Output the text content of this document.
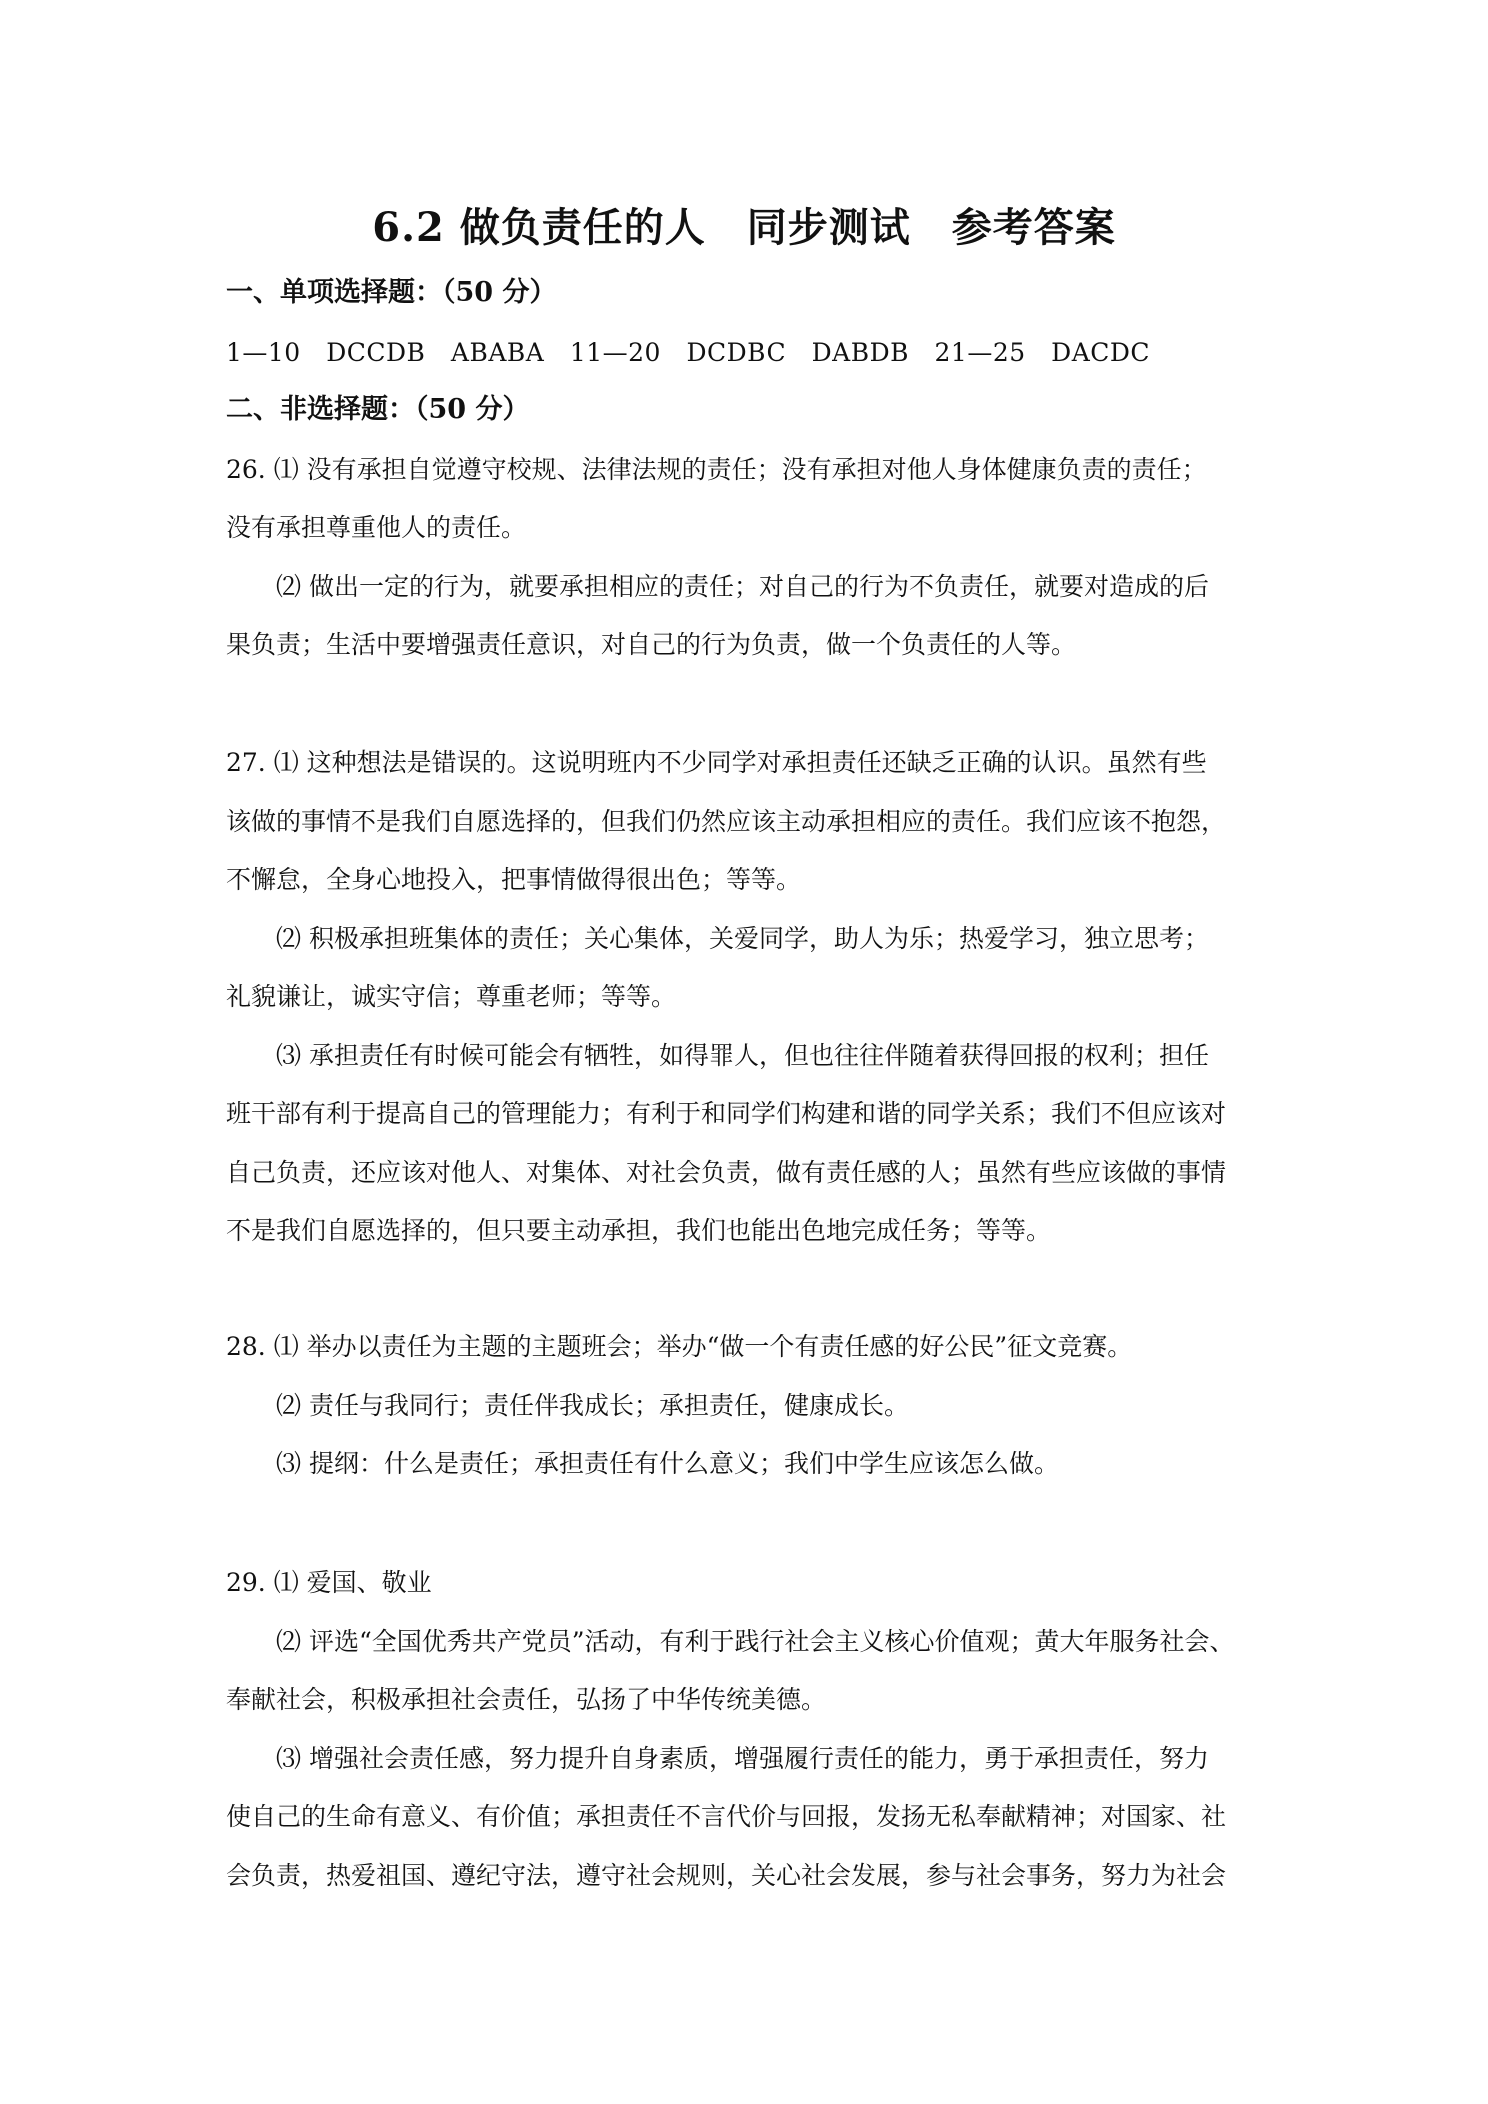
6.2 做负责任的人　同步测试　参考答案
一、单项选择题：（50 分）
1—10　DCCDB　ABABA　11—20　DCDBC　DABDB　21—25　DACDC
二、非选择题：（50 分）
26. ⑴ 没有承担自觉遵守校规、法律法规的责任；没有承担对他人身体健康负责的责任；
没有承担尊重他人的责任。
⑵ 做出一定的行为，就要承担相应的责任；对自己的行为不负责任，就要对造成的后
果负责；生活中要增强责任意识，对自己的行为负责，做一个负责任的人等。
27. ⑴ 这种想法是错误的。这说明班内不少同学对承担责任还缺乏正确的认识。虽然有些
该做的事情不是我们自愿选择的，但我们仍然应该主动承担相应的责任。我们应该不抱怨，
不懈怠，全身心地投入，把事情做得很出色；等等。
⑵ 积极承担班集体的责任；关心集体，关爱同学，助人为乐；热爱学习，独立思考；
礼貌谦让，诚实守信；尊重老师；等等。
⑶ 承担责任有时候可能会有牺牲，如得罪人，但也往往伴随着获得回报的权利；担任
班干部有利于提高自己的管理能力；有利于和同学们构建和谐的同学关系；我们不但应该对
自己负责，还应该对他人、对集体、对社会负责，做有责任感的人；虽然有些应该做的事情
不是我们自愿选择的，但只要主动承担，我们也能出色地完成任务；等等。
28. ⑴ 举办以责任为主题的主题班会；举办“做一个有责任感的好公民”征文竞赛。
⑵ 责任与我同行；责任伴我成长；承担责任，健康成长。
⑶ 提纲：什么是责任；承担责任有什么意义；我们中学生应该怎么做。
29. ⑴ 爱国、敬业
⑵ 评选“全国优秀共产党员”活动，有利于践行社会主义核心价值观；黄大年服务社会、
奉献社会，积极承担社会责任，弘扬了中华传统美德。
⑶ 增强社会责任感，努力提升自身素质，增强履行责任的能力，勇于承担责任，努力
使自己的生命有意义、有价值；承担责任不言代价与回报，发扬无私奉献精神；对国家、社
会负责，热爱祖国、遵纪守法，遵守社会规则，关心社会发展，参与社会事务，努力为社会
